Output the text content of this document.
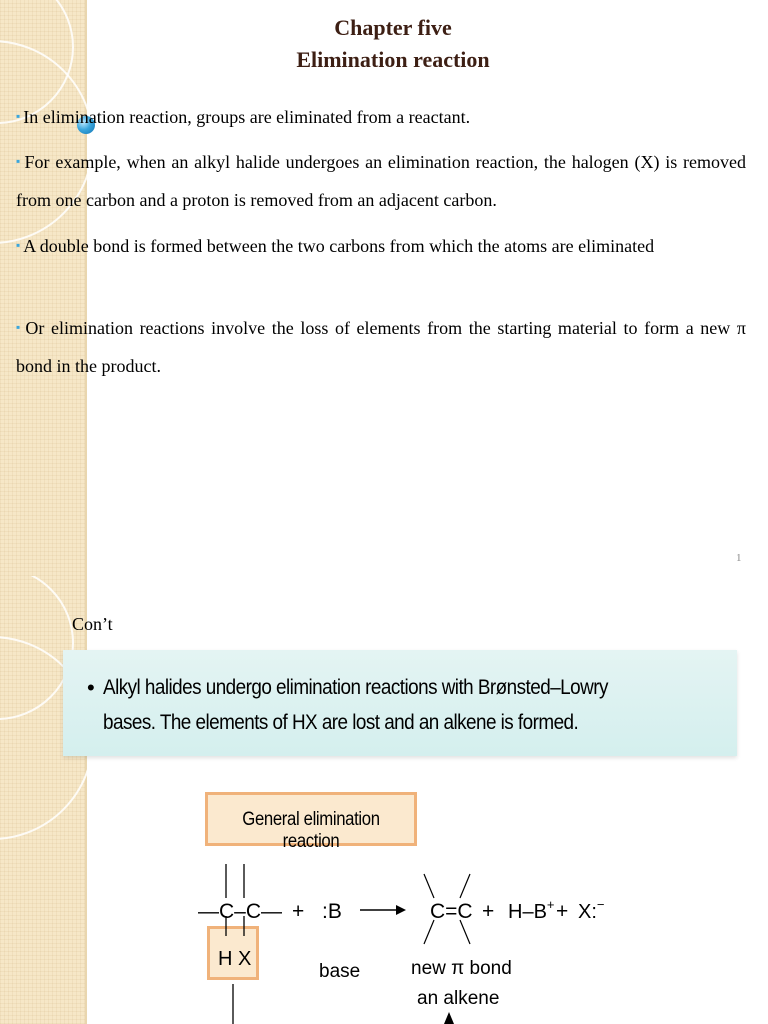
Chapter five
Elimination reaction
▪ In elimination reaction, groups are eliminated from a reactant.
▪ For example, when an alkyl halide undergoes an elimination reaction, the halogen (X) is removed from one carbon and a proton is removed from an adjacent carbon.
▪ A double bond is formed between the two carbons from which the atoms are eliminated
▪ Or elimination reactions involve the loss of elements from the starting material to form a new π bond in the product.
1
Con’t
• Alkyl halides undergo elimination reactions with Brønsted–Lowry bases. The elements of HX are lost and an alkene is formed.
General elimination reaction
—C–C—
H X
+ :B
base
C=C + H–B+ + X:−
new π bond
an alkene
